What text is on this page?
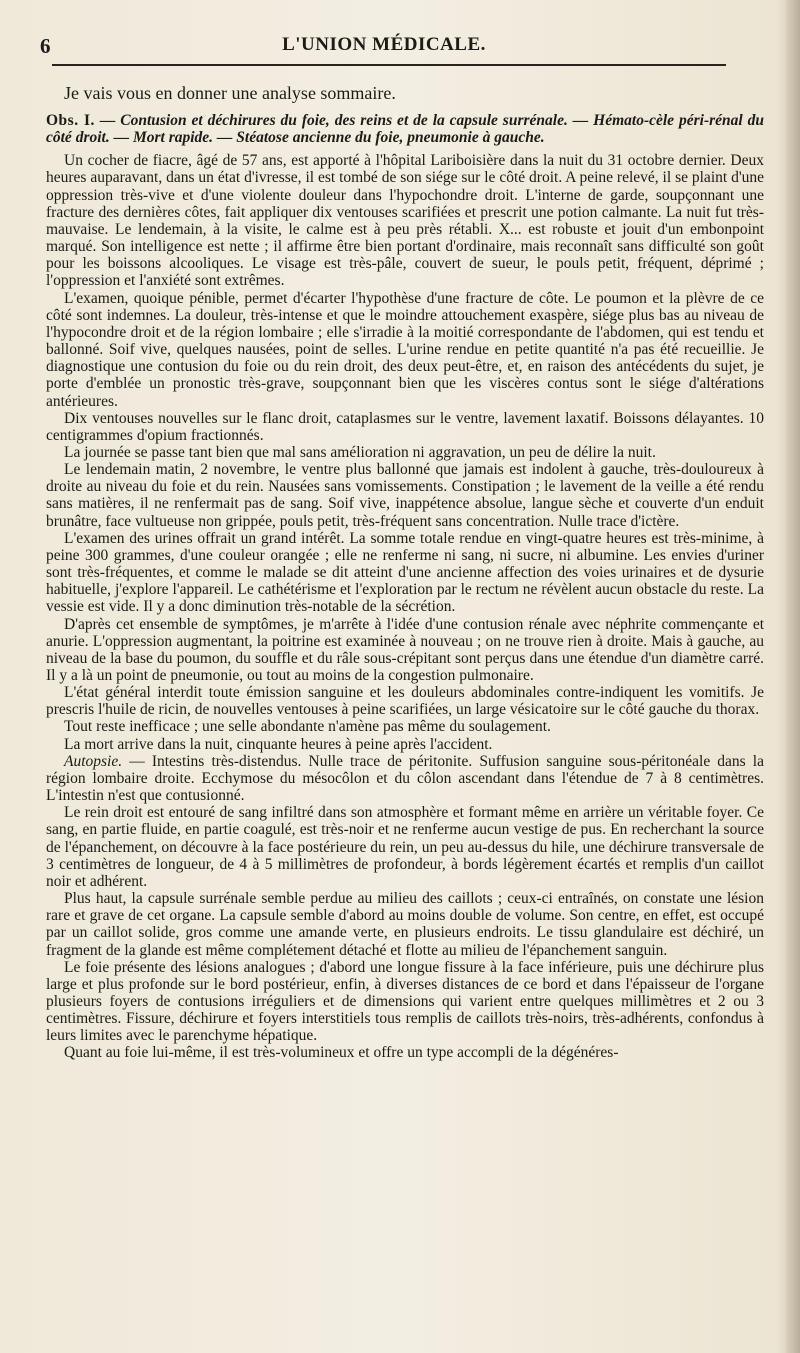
6	L'UNION MÉDICALE.

Je vais vous en donner une analyse sommaire.

Obs. I. — Contusion et déchirures du foie, des reins et de la capsule surrénale. — Hémato-cèle péri-rénal du côté droit. — Mort rapide. — Stéatose ancienne du foie, pneumonie à gauche.

Un cocher de fiacre, âgé de 57 ans, est apporté à l'hôpital Lariboisière dans la nuit du 31 octobre dernier. Deux heures auparavant, dans un état d'ivresse, il est tombé de son siége sur le côté droit. A peine relevé, il se plaint d'une oppression très-vive et d'une violente douleur dans l'hypochondre droit. L'interne de garde, soupçonnant une fracture des dernières côtes, fait appliquer dix ventouses scarifiées et prescrit une potion calmante. La nuit fut très-mauvaise. Le lendemain, à la visite, le calme est à peu près rétabli. X... est robuste et jouit d'un embonpoint marqué. Son intelligence est nette ; il affirme être bien portant d'ordinaire, mais reconnaît sans difficulté son goût pour les boissons alcooliques. Le visage est très-pâle, couvert de sueur, le pouls petit, fréquent, déprimé ; l'oppression et l'anxiété sont extrêmes.

L'examen, quoique pénible, permet d'écarter l'hypothèse d'une fracture de côte. Le poumon et la plèvre de ce côté sont indemnes. La douleur, très-intense et que le moindre attouchement exaspère, siége plus bas au niveau de l'hypocondre droit et de la région lombaire ; elle s'irradie à la moitié correspondante de l'abdomen, qui est tendu et ballonné. Soif vive, quelques nausées, point de selles. L'urine rendue en petite quantité n'a pas été recueillie. Je diagnostique une contusion du foie ou du rein droit, des deux peut-être, et, en raison des antécédents du sujet, je porte d'emblée un pronostic très-grave, soupçonnant bien que les viscères contus sont le siége d'altérations antérieures.

Dix ventouses nouvelles sur le flanc droit, cataplasmes sur le ventre, lavement laxatif. Boissons délayantes. 10 centigrammes d'opium fractionnés.

La journée se passe tant bien que mal sans amélioration ni aggravation, un peu de délire la nuit.

Le lendemain matin, 2 novembre, le ventre plus ballonné que jamais est indolent à gauche, très-douloureux à droite au niveau du foie et du rein. Nausées sans vomissements. Constipation ; le lavement de la veille a été rendu sans matières, il ne renfermait pas de sang. Soif vive, inappétence absolue, langue sèche et couverte d'un enduit brunâtre, face vultueuse non grippée, pouls petit, très-fréquent sans concentration. Nulle trace d'ictère.

L'examen des urines offrait un grand intérêt. La somme totale rendue en vingt-quatre heures est très-minime, à peine 300 grammes, d'une couleur orangée ; elle ne renferme ni sang, ni sucre, ni albumine. Les envies d'uriner sont très-fréquentes, et comme le malade se dit atteint d'une ancienne affection des voies urinaires et de dysurie habituelle, j'explore l'appareil. Le cathétérisme et l'exploration par le rectum ne révèlent aucun obstacle du reste. La vessie est vide. Il y a donc diminution très-notable de la sécrétion.

D'après cet ensemble de symptômes, je m'arrête à l'idée d'une contusion rénale avec néphrite commençante et anurie. L'oppression augmentant, la poitrine est examinée à nouveau ; on ne trouve rien à droite. Mais à gauche, au niveau de la base du poumon, du souffle et du râle sous-crépitant sont perçus dans une étendue d'un diamètre carré. Il y a là un point de pneumonie, ou tout au moins de la congestion pulmonaire.

L'état général interdit toute émission sanguine et les douleurs abdominales contre-indiquent les vomitifs. Je prescris l'huile de ricin, de nouvelles ventouses à peine scarifiées, un large vésicatoire sur le côté gauche du thorax.

Tout reste inefficace ; une selle abondante n'amène pas même du soulagement.

La mort arrive dans la nuit, cinquante heures à peine après l'accident.

Autopsie. — Intestins très-distendus. Nulle trace de péritonite. Suffusion sanguine sous-péritonéale dans la région lombaire droite. Ecchymose du mésocôlon et du côlon ascendant dans l'étendue de 7 à 8 centimètres. L'intestin n'est que contusionné.

Le rein droit est entouré de sang infiltré dans son atmosphère et formant même en arrière un véritable foyer. Ce sang, en partie fluide, en partie coagulé, est très-noir et ne renferme aucun vestige de pus. En recherchant la source de l'épanchement, on découvre à la face postérieure du rein, un peu au-dessus du hile, une déchirure transversale de 3 centimètres de longueur, de 4 à 5 millimètres de profondeur, à bords légèrement écartés et remplis d'un caillot noir et adhérent.

Plus haut, la capsule surrénale semble perdue au milieu des caillots ; ceux-ci entraînés, on constate une lésion rare et grave de cet organe. La capsule semble d'abord au moins double de volume. Son centre, en effet, est occupé par un caillot solide, gros comme une amande verte, en plusieurs endroits. Le tissu glandulaire est déchiré, un fragment de la glande est même complétement détaché et flotte au milieu de l'épanchement sanguin.

Le foie présente des lésions analogues ; d'abord une longue fissure à la face inférieure, puis une déchirure plus large et plus profonde sur le bord postérieur, enfin, à diverses distances de ce bord et dans l'épaisseur de l'organe plusieurs foyers de contusions irréguliers et de dimensions qui varient entre quelques millimètres et 2 ou 3 centimètres. Fissure, déchirure et foyers interstitiels tous remplis de caillots très-noirs, très-adhérents, confondus à leurs limites avec le parenchyme hépatique.

Quant au foie lui-même, il est très-volumineux et offre un type accompli de la dégénéres-
